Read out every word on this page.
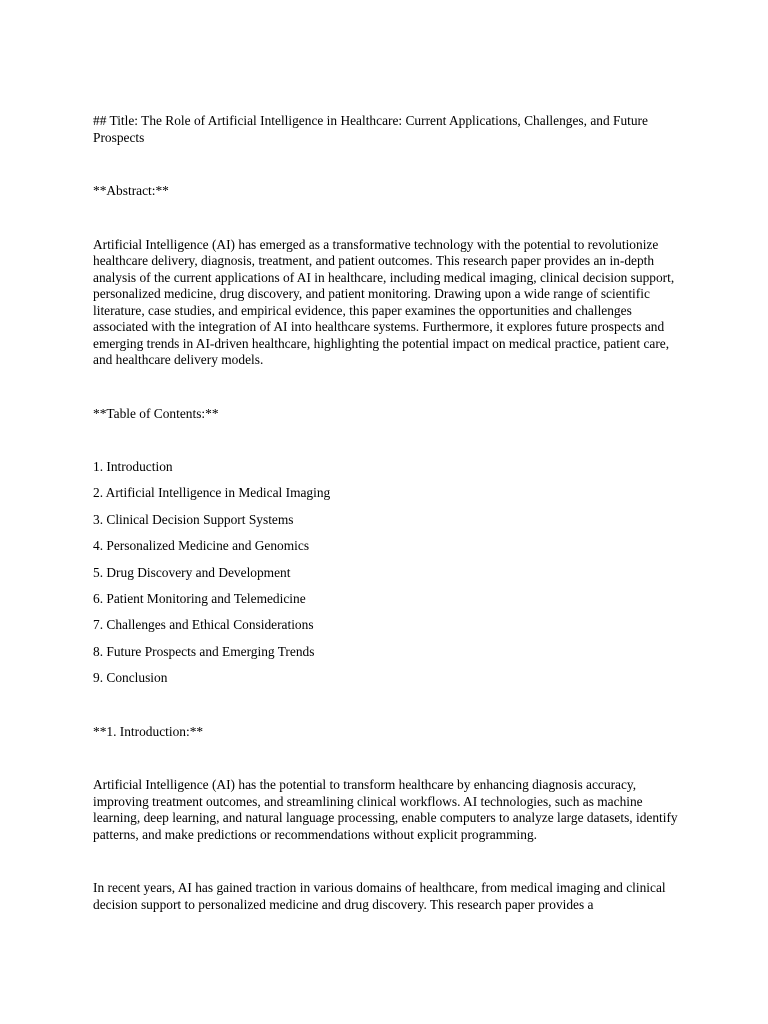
## Title: The Role of Artificial Intelligence in Healthcare: Current Applications, Challenges, and Future Prospects

**Abstract:**

Artificial Intelligence (AI) has emerged as a transformative technology with the potential to revolutionize healthcare delivery, diagnosis, treatment, and patient outcomes. This research paper provides an in-depth analysis of the current applications of AI in healthcare, including medical imaging, clinical decision support, personalized medicine, drug discovery, and patient monitoring. Drawing upon a wide range of scientific literature, case studies, and empirical evidence, this paper examines the opportunities and challenges associated with the integration of AI into healthcare systems. Furthermore, it explores future prospects and emerging trends in AI-driven healthcare, highlighting the potential impact on medical practice, patient care, and healthcare delivery models.

**Table of Contents:**

1. Introduction
2. Artificial Intelligence in Medical Imaging
3. Clinical Decision Support Systems
4. Personalized Medicine and Genomics
5. Drug Discovery and Development
6. Patient Monitoring and Telemedicine
7. Challenges and Ethical Considerations
8. Future Prospects and Emerging Trends
9. Conclusion

**1. Introduction:**

Artificial Intelligence (AI) has the potential to transform healthcare by enhancing diagnosis accuracy, improving treatment outcomes, and streamlining clinical workflows. AI technologies, such as machine learning, deep learning, and natural language processing, enable computers to analyze large datasets, identify patterns, and make predictions or recommendations without explicit programming.

In recent years, AI has gained traction in various domains of healthcare, from medical imaging and clinical decision support to personalized medicine and drug discovery. This research paper provides a
